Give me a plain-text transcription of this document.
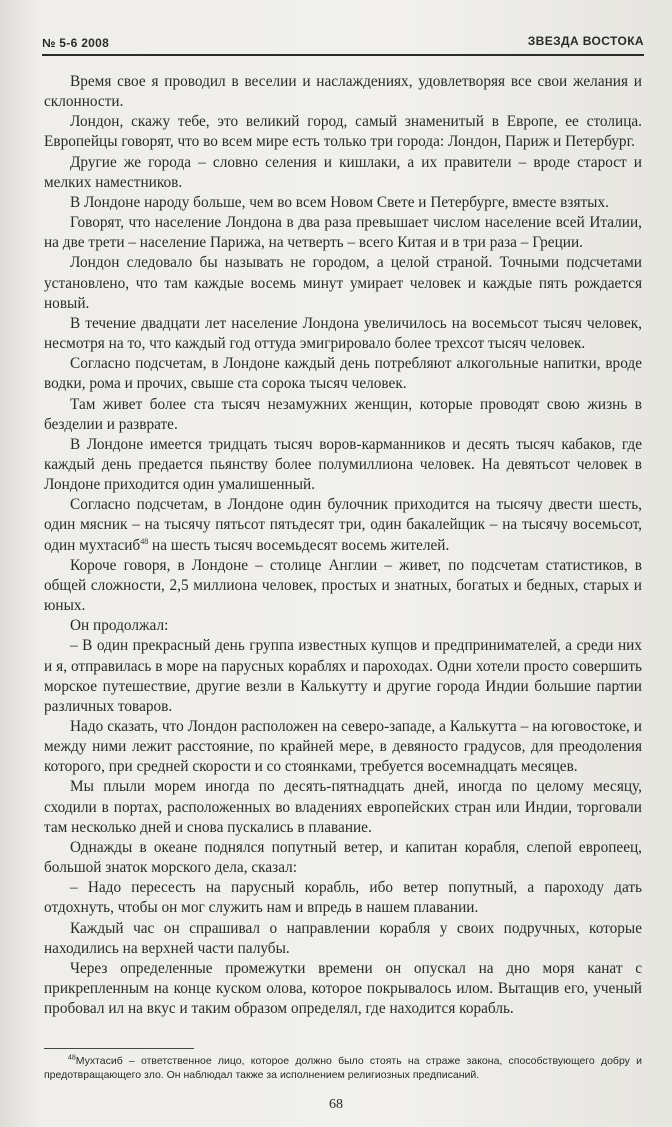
№ 5-6 2008	ЗВЕЗДА ВОСТОКА

Время свое я проводил в веселии и наслаждениях, удовлетворяя все свои желания и склонности.

Лондон, скажу тебе, это великий город, самый знаменитый в Европе, ее столица. Европейцы говорят, что во всем мире есть только три города: Лондон, Париж и Петербург.

Другие же города – словно селения и кишлаки, а их правители – вроде старост и мелких наместников.

В Лондоне народу больше, чем во всем Новом Свете и Петербурге, вместе взятых.

Говорят, что население Лондона в два раза превышает числом население всей Италии, на две трети – население Парижа, на четверть – всего Китая и в три раза – Греции.

Лондон следовало бы называть не городом, а целой страной. Точными подсчетами установлено, что там каждые восемь минут умирает человек и каждые пять рождается новый.

В течение двадцати лет население Лондона увеличилось на восемьсот тысяч человек, несмотря на то, что каждый год оттуда эмигрировало более трехсот тысяч человек.

Согласно подсчетам, в Лондоне каждый день потребляют алкогольные напитки, вроде водки, рома и прочих, свыше ста сорока тысяч человек.

Там живет более ста тысяч незамужних женщин, которые проводят свою жизнь в безделии и разврате.

В Лондоне имеется тридцать тысяч воров-карманников и десять тысяч кабаков, где каждый день предается пьянству более полумиллиона человек. На девятьсот человек в Лондоне приходится один умалишенный.

Согласно подсчетам, в Лондоне один булочник приходится на тысячу двести шесть, один мясник – на тысячу пятьсот пятьдесят три, один бакалейщик – на тысячу восемьсот, один мухтасиб$^{48}$ на шесть тысяч восемьдесят восемь жителей.

Короче говоря, в Лондоне – столице Англии – живет, по подсчетам статистиков, в общей сложности, 2,5 миллиона человек, простых и знатных, богатых и бедных, старых и юных.

Он продолжал:

– В один прекрасный день группа известных купцов и предпринимателей, а среди них и я, отправилась в море на парусных кораблях и пароходах. Одни хотели просто совершить морское путешествие, другие везли в Калькутту и другие города Индии большие партии различных товаров.

Надо сказать, что Лондон расположен на северо-западе, а Калькутта – на юговостоке, и между ними лежит расстояние, по крайней мере, в девяносто градусов, для преодоления которого, при средней скорости и со стоянками, требуется восемнадцать месяцев.

Мы плыли морем иногда по десять-пятнадцать дней, иногда по целому месяцу, сходили в портах, расположенных во владениях европейских стран или Индии, торговали там несколько дней и снова пускались в плавание.

Однажды в океане поднялся попутный ветер, и капитан корабля, слепой европеец, большой знаток морского дела, сказал:

– Надо пересесть на парусный корабль, ибо ветер попутный, а пароходу дать отдохнуть, чтобы он мог служить нам и впредь в нашем плавании.

Каждый час он спрашивал о направлении корабля у своих подручных, которые находились на верхней части палубы.

Через определенные промежутки времени он опускал на дно моря канат с прикрепленным на конце куском олова, которое покрывалось илом. Вытащив его, ученый пробовал ил на вкус и таким образом определял, где находится корабль.

$^{48}$Мухтасиб – ответственное лицо, которое должно было стоять на страже закона, способствующего добру и предотвращающего зло. Он наблюдал также за исполнением религиозных предписаний.
68
